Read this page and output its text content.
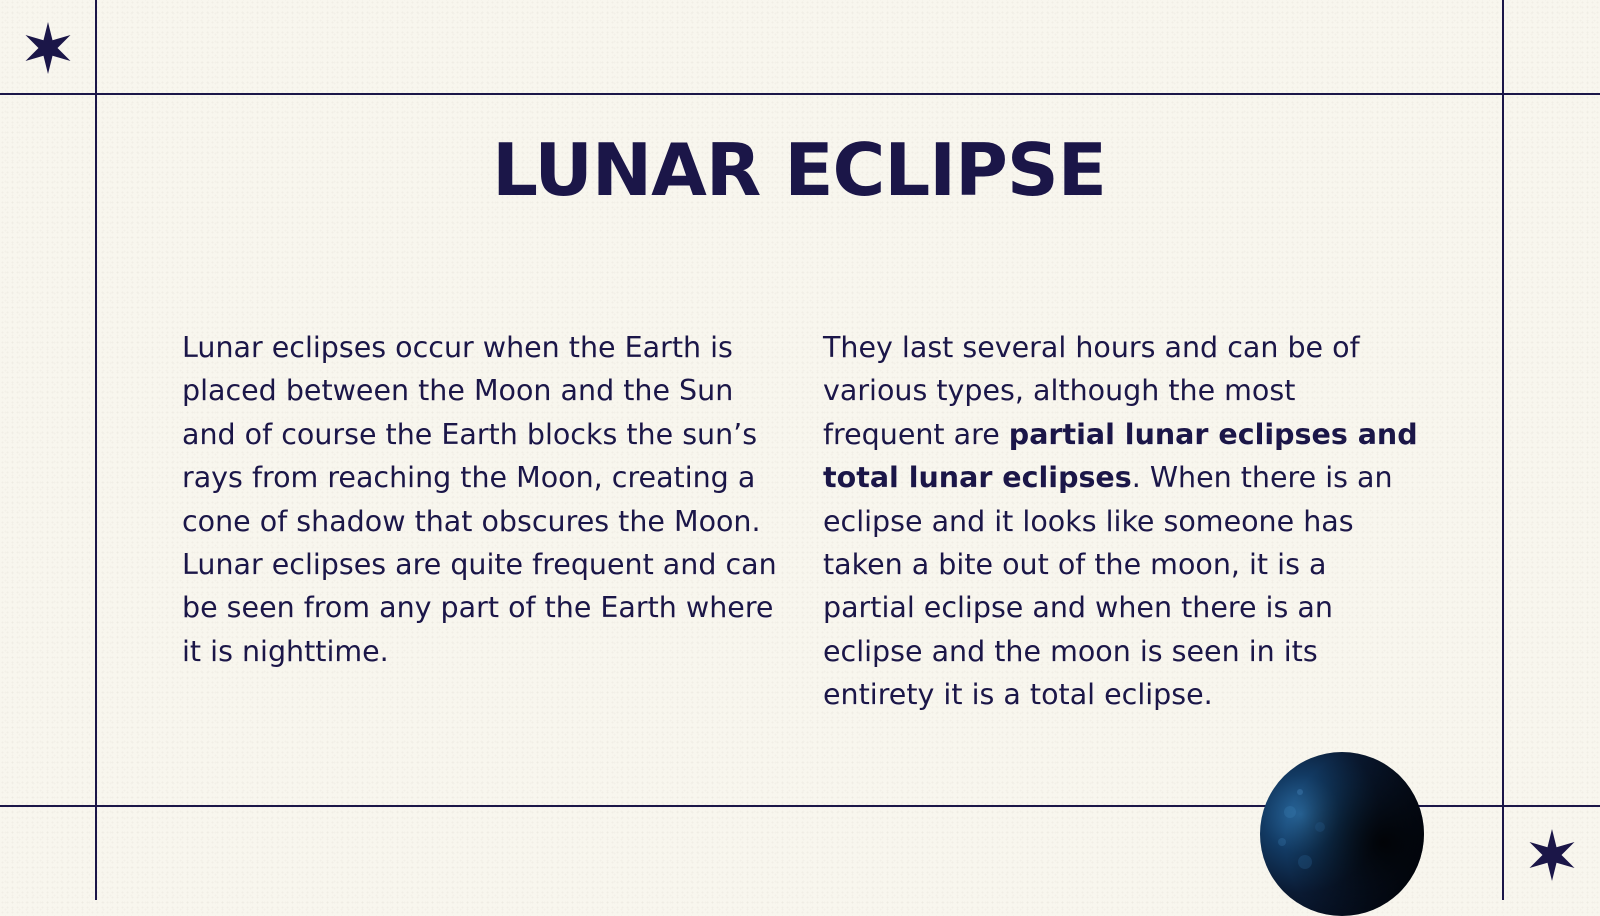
LUNAR ECLIPSE

Lunar eclipses occur when the Earth is placed between the Moon and the Sun and of course the Earth blocks the sun’s rays from reaching the Moon, creating a cone of shadow that obscures the Moon. Lunar eclipses are quite frequent and can be seen from any part of the Earth where it is nighttime.

They last several hours and can be of various types, although the most frequent are partial lunar eclipses and total lunar eclipses. When there is an eclipse and it looks like someone has taken a bite out of the moon, it is a partial eclipse and when there is an eclipse and the moon is seen in its entirety it is a total eclipse.
